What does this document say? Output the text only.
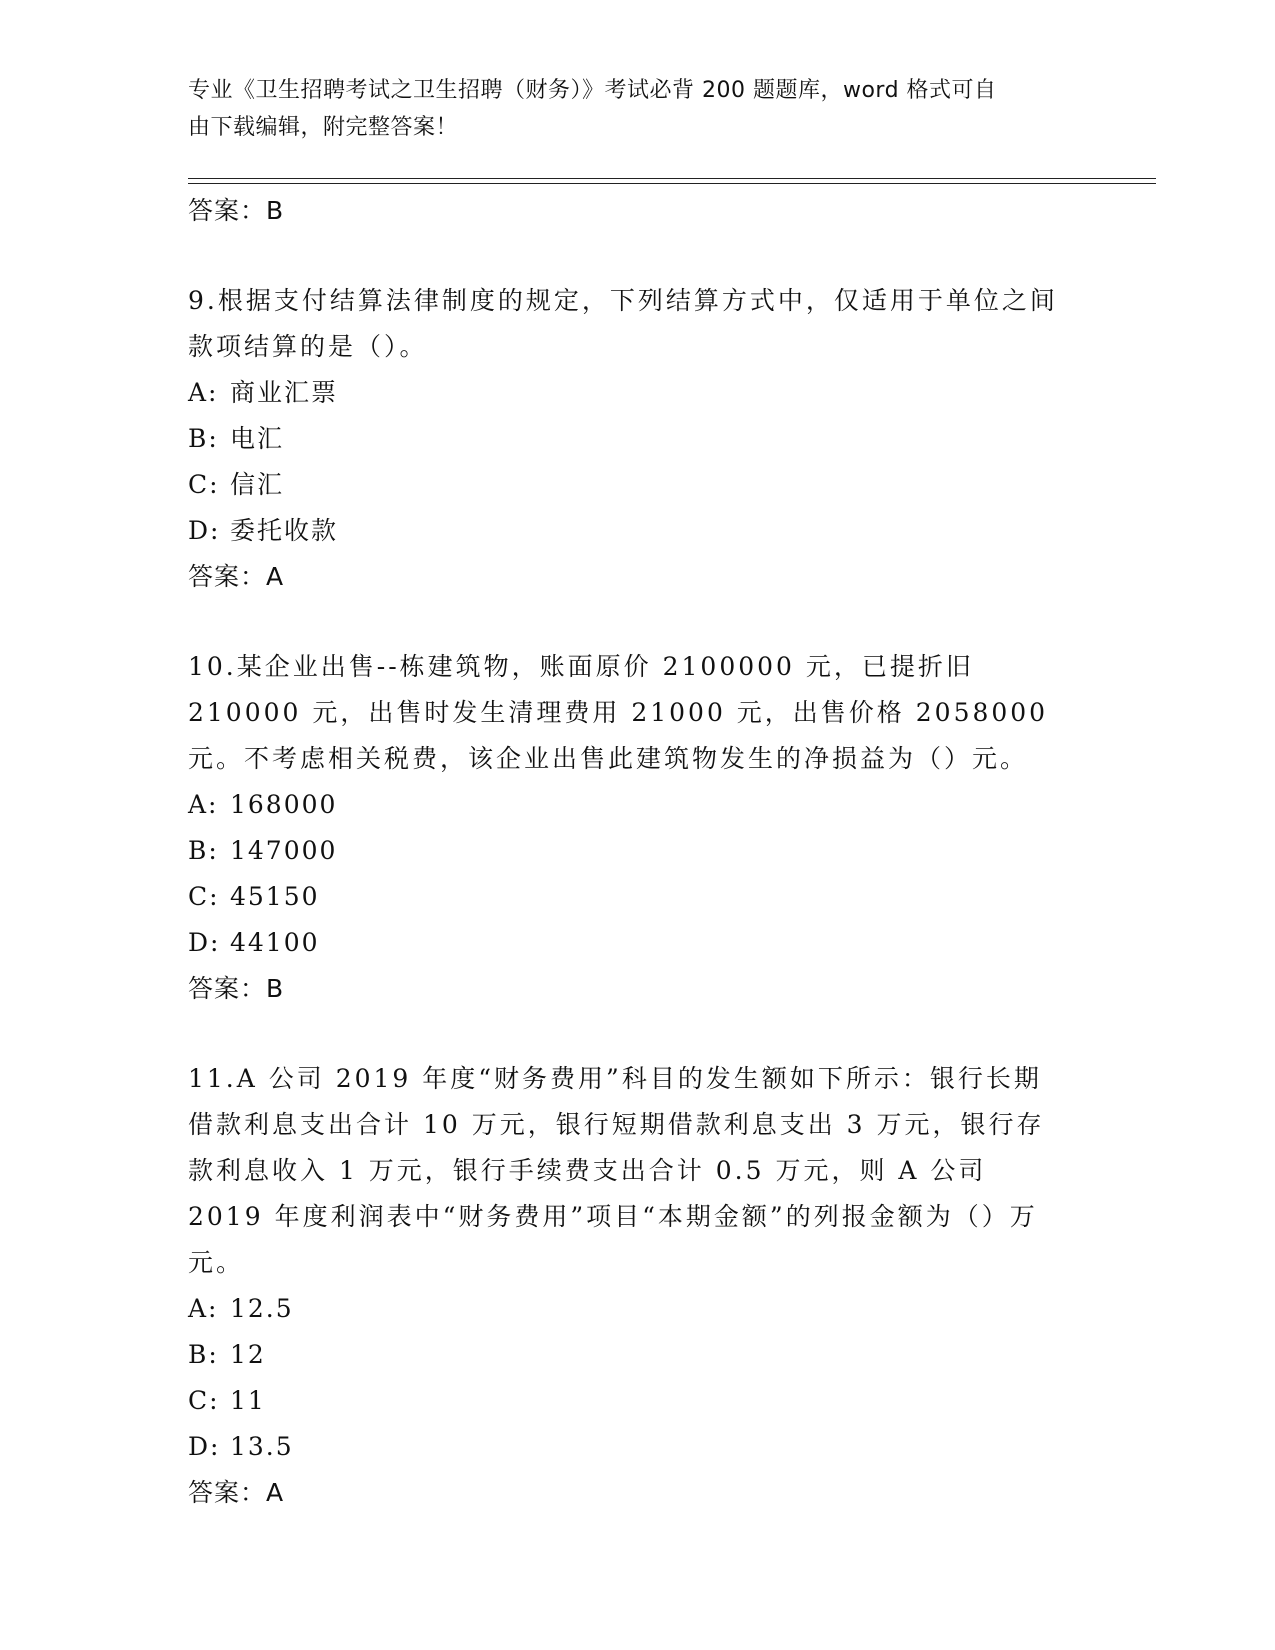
专业《卫生招聘考试之卫生招聘（财务）》考试必背 200 题题库，word 格式可自
由下载编辑，附完整答案！
答案：B
9.根据支付结算法律制度的规定，下列结算方式中，仅适用于单位之间款项结算的是（）。
A: 商业汇票
B: 电汇
C: 信汇
D: 委托收款
答案：A
10.某企业出售--栋建筑物，账面原价 2100000 元，已提折旧 210000 元，出售时发生清理费用 21000 元，出售价格 2058000 元。不考虑相关税费，该企业出售此建筑物发生的净损益为（）元。
A: 168000
B: 147000
C: 45150
D: 44100
答案：B
11.A 公司 2019 年度“财务费用”科目的发生额如下所示：银行长期借款利息支出合计 10 万元，银行短期借款利息支出 3 万元，银行存款利息收入 1 万元，银行手续费支出合计 0.5 万元，则 A 公司 2019 年度利润表中“财务费用”项目“本期金额”的列报金额为（）万元。
A: 12.5
B: 12
C: 11
D: 13.5
答案：A
